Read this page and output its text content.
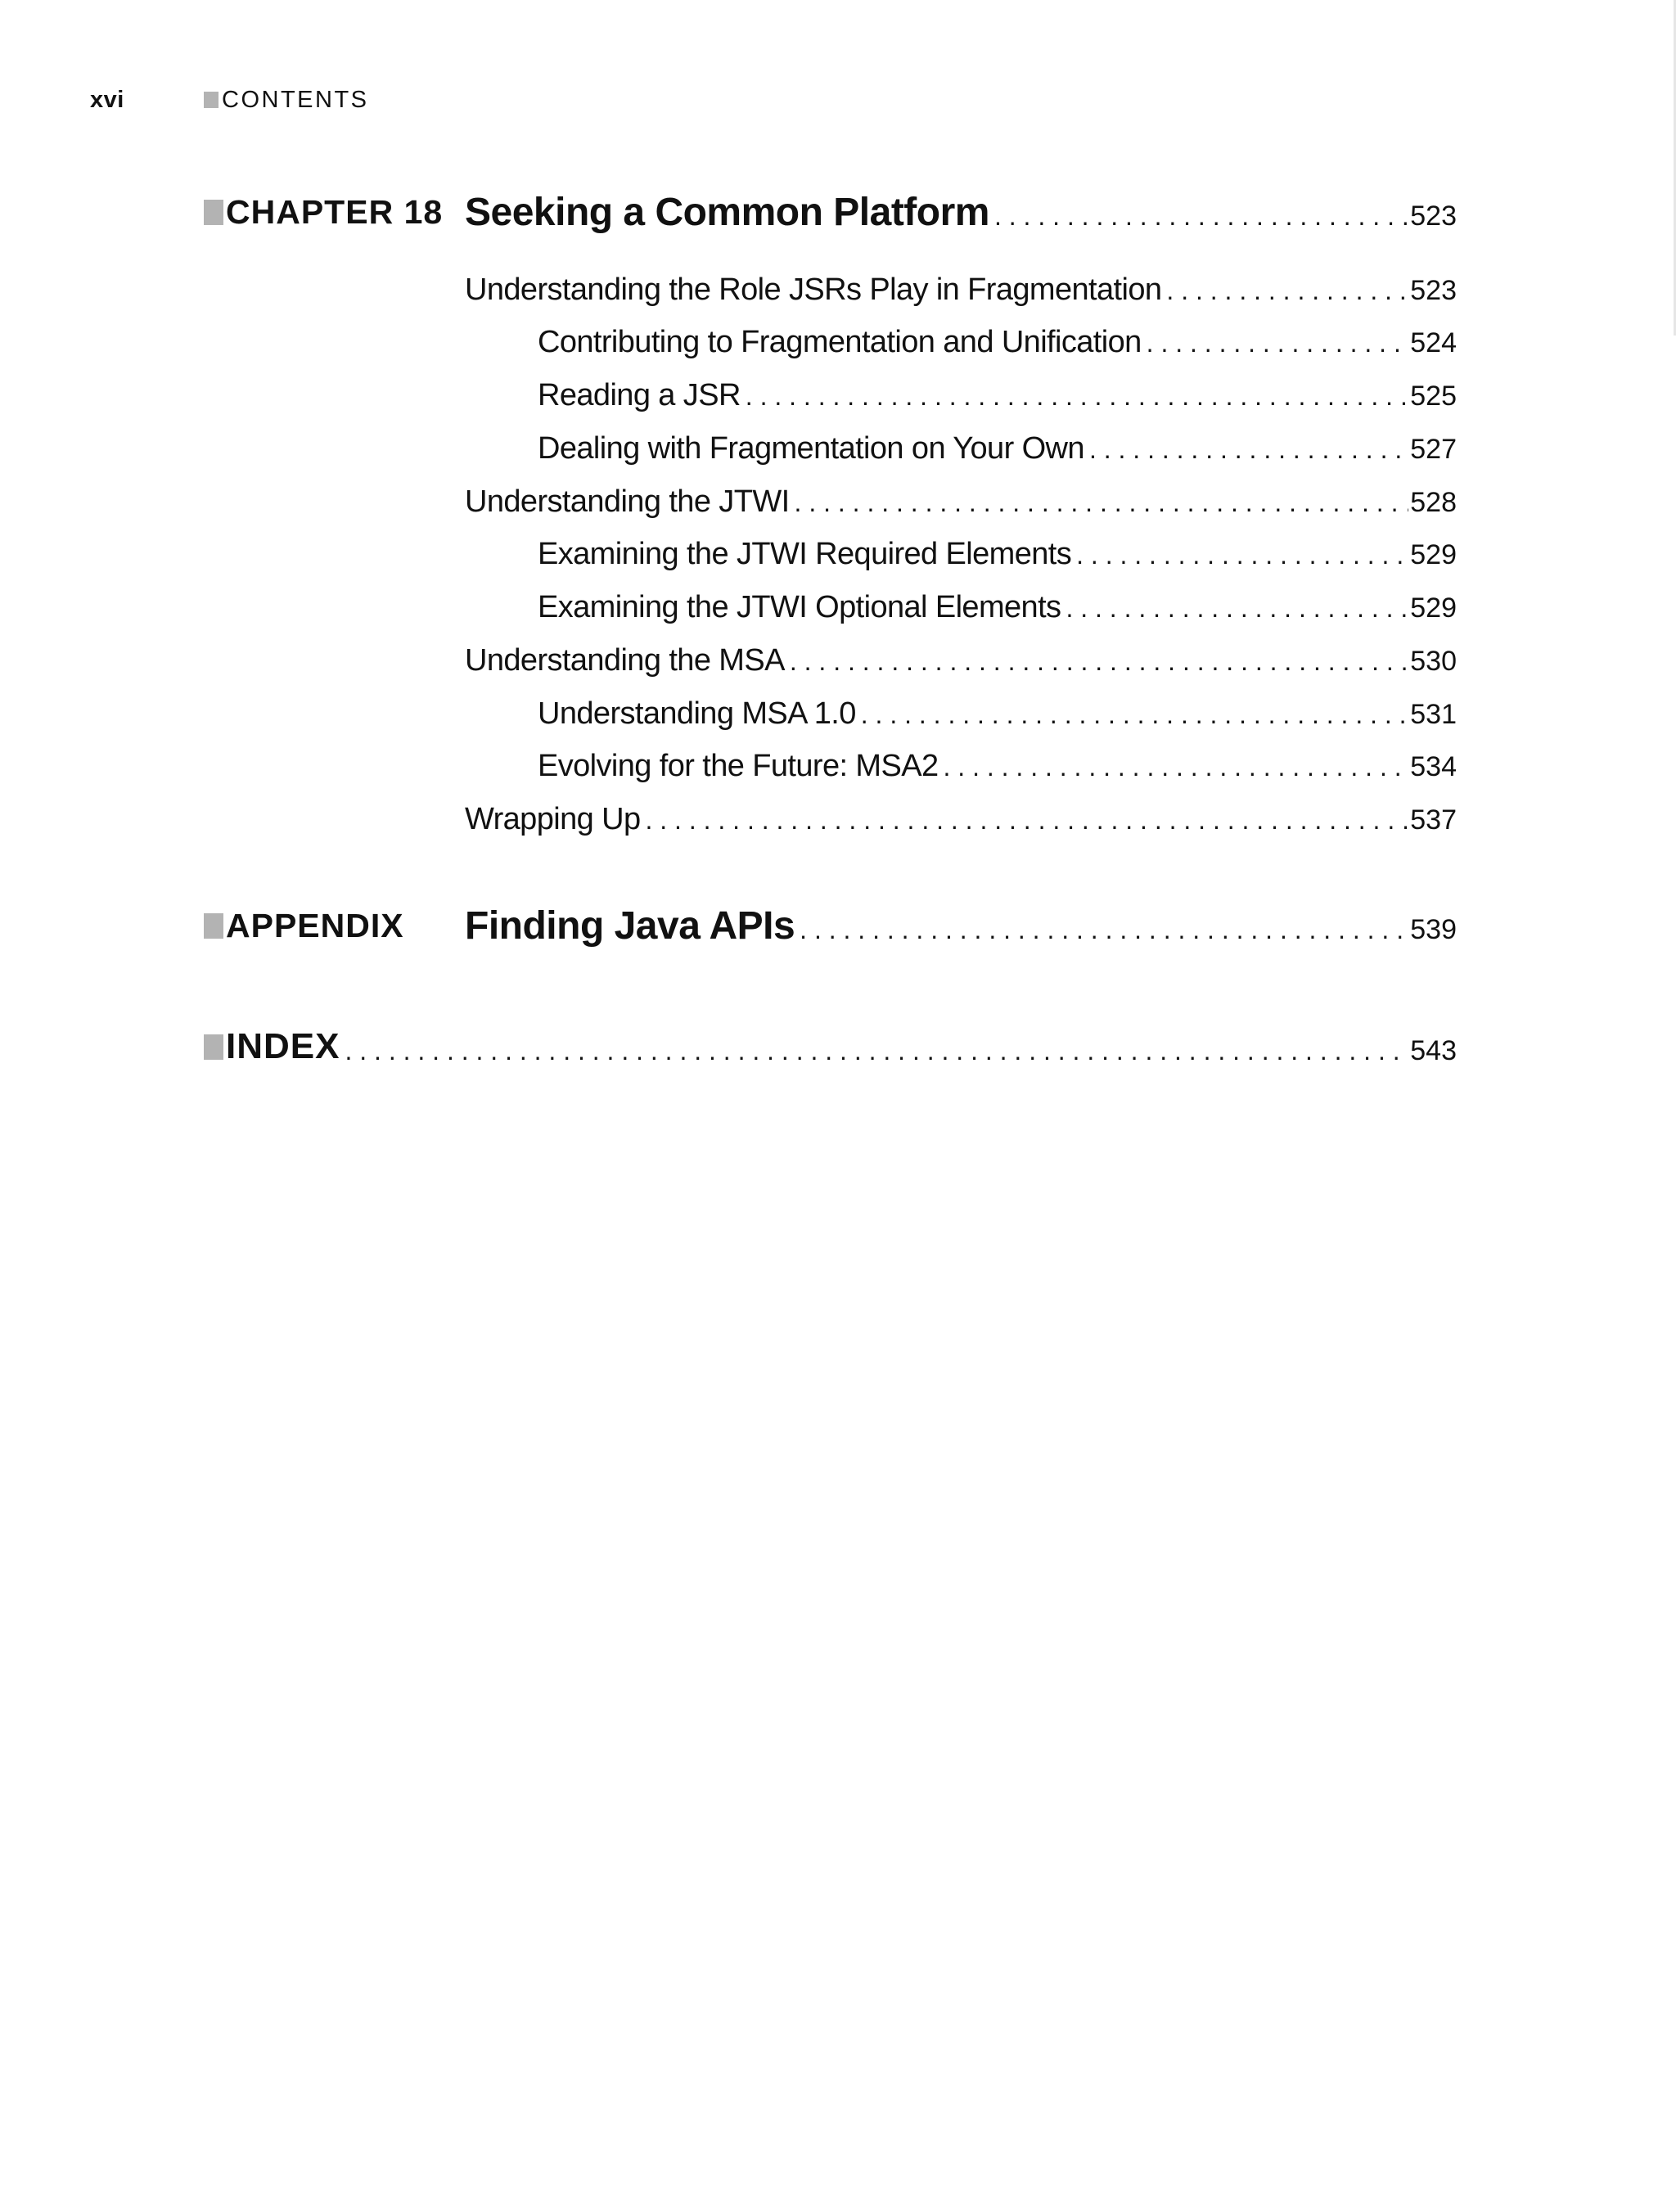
xvi	CONTENTS
CHAPTER 18 Seeking a Common Platform . . .	523
Understanding the Role JSRs Play in Fragmentation . . .	523
Contributing to Fragmentation and Unification . . .	524
Reading a JSR . . .	525
Dealing with Fragmentation on Your Own . . .	527
Understanding the JTWI . . .	528
Examining the JTWI Required Elements . . .	529
Examining the JTWI Optional Elements . . .	529
Understanding the MSA . . .	530
Understanding MSA 1.0 . . .	531
Evolving for the Future: MSA2 . . .	534
Wrapping Up . . .	537
APPENDIX Finding Java APIs . . .	539
INDEX . . .	543
